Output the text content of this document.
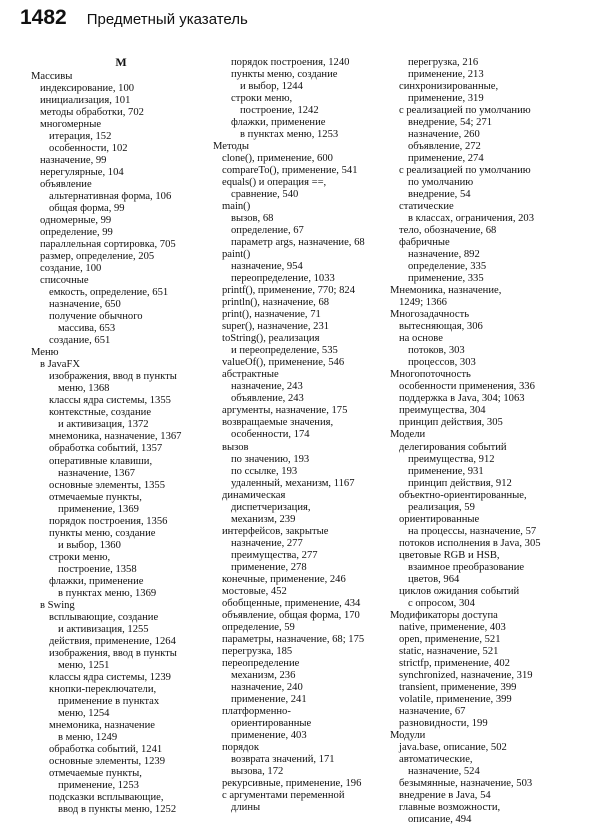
1482 Предметный указатель
М
Массивы
индексирование, 100
инициализация, 101
методы обработки, 702
многомерные
итерация, 152
особенности, 102
назначение, 99
нерегулярные, 104
объявление
альтернативная форма, 106
общая форма, 99
одномерные, 99
определение, 99
параллельная сортировка, 705
размер, определение, 205
создание, 100
списочные
емкость, определение, 651
назначение, 650
получение обычного
массива, 653
создание, 651
Меню
в JavaFX
изображения, ввод в пункты
меню, 1368
классы ядра системы, 1355
контекстные, создание
и активизация, 1372
мнемоника, назначение, 1367
обработка событий, 1357
оперативные клавиши,
назначение, 1367
основные элементы, 1355
отмечаемые пункты,
применение, 1369
порядок построения, 1356
пункты меню, создание
и выбор, 1360
строки меню,
построение, 1358
флажки, применение
в пунктах меню, 1369
в Swing
всплывающие, создание
и активизация, 1255
действия, применение, 1264
изображения, ввод в пункты
меню, 1251
классы ядра системы, 1239
кнопки-переключатели,
применение в пунктах
меню, 1254
мнемоника, назначение
в меню, 1249
обработка событий, 1241
основные элементы, 1239
отмечаемые пункты,
применение, 1253
подсказки всплывающие,
ввод в пункты меню, 1252
порядок построения, 1240
пункты меню, создание
и выбор, 1244
строки меню,
построение, 1242
флажки, применение
в пунктах меню, 1253
Методы
clone(), применение, 600
compareTo(), применение, 541
equals() и операция ==,
сравнение, 540
main()
вызов, 68
определение, 67
параметр args, назначение, 68
paint()
назначение, 954
переопределение, 1033
printf(), применение, 770; 824
println(), назначение, 68
print(), назначение, 71
super(), назначение, 231
toString(), реализация
и переопределение, 535
valueOf(), применение, 546
абстрактные
назначение, 243
объявление, 243
аргументы, назначение, 175
возвращаемые значения,
особенности, 174
вызов
по значению, 193
по ссылке, 193
удаленный, механизм, 1167
динамическая
диспетчеризация,
механизм, 239
интерфейсов, закрытые
назначение, 277
преимущества, 277
применение, 278
конечные, применение, 246
мостовые, 452
обобщенные, применение, 434
объявление, общая форма, 170
определение, 59
параметры, назначение, 68; 175
перегрузка, 185
переопределение
механизм, 236
назначение, 240
применение, 241
платформенно-
ориентированные
применение, 403
порядок
возврата значений, 171
вызова, 172
рекурсивные, применение, 196
с аргументами переменной
длины
перегрузка, 216
применение, 213
синхронизированные,
применение, 319
с реализацией по умолчанию
внедрение, 54; 271
назначение, 260
объявление, 272
применение, 274
с реализацией по умолчанию
по умолчанию
внедрение, 54
статические
в классах, ограничения, 203
тело, обозначение, 68
фабричные
назначение, 892
определение, 335
применение, 335
Мнемоника, назначение,
1249; 1366
Многозадачность
вытесняющая, 306
на основе
потоков, 303
процессов, 303
Многопоточность
особенности применения, 336
поддержка в Java, 304; 1063
преимущества, 304
принцип действия, 305
Модели
делегирования событий
преимущества, 912
применение, 931
принцип действия, 912
объектно-ориентированные,
реализация, 59
ориентированные
на процессы, назначение, 57
потоков исполнения в Java, 305
цветовые RGB и HSB,
взаимное преобразование
цветов, 964
циклов ожидания событий
с опросом, 304
Модификаторы доступа
native, применение, 403
open, применение, 521
static, назначение, 521
strictfp, применение, 402
synchronized, назначение, 319
transient, применение, 399
volatile, применение, 399
назначение, 67
разновидности, 199
Модули
java.base, описание, 502
автоматические,
назначение, 524
безымянные, назначение, 503
внедрение в Java, 54
главные возможности,
описание, 494
